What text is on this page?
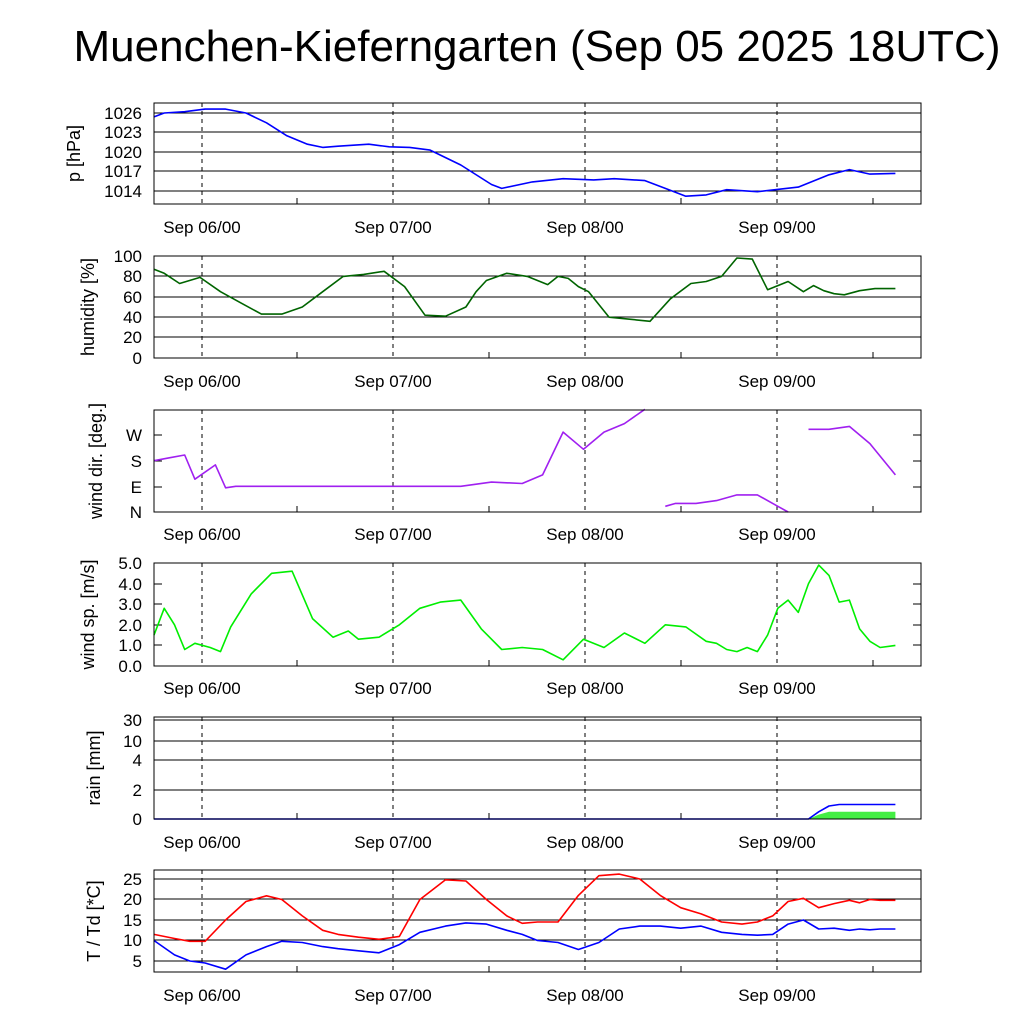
Muenchen-Kieferngarten (Sep 05 2025 18UTC)
1026
1023
1020
1017
1014
Sep 06/00	Sep 07/00	Sep 08/00	Sep 09/00
p [hPa]
100
80
60
40
20
0
Sep 06/00	Sep 07/00	Sep 08/00	Sep 09/00
humidity [%]
W
S
E
N
Sep 06/00	Sep 07/00	Sep 08/00	Sep 09/00
wind dir. [deg.]
5.0
4.0
3.0
2.0
1.0
0.0
Sep 06/00	Sep 07/00	Sep 08/00	Sep 09/00
wind sp. [m/s]
30
10
4
2
0
Sep 06/00	Sep 07/00	Sep 08/00	Sep 09/00
rain [mm]
25
20
15
10
5
Sep 06/00	Sep 07/00	Sep 08/00	Sep 09/00
T / Td [*C]
